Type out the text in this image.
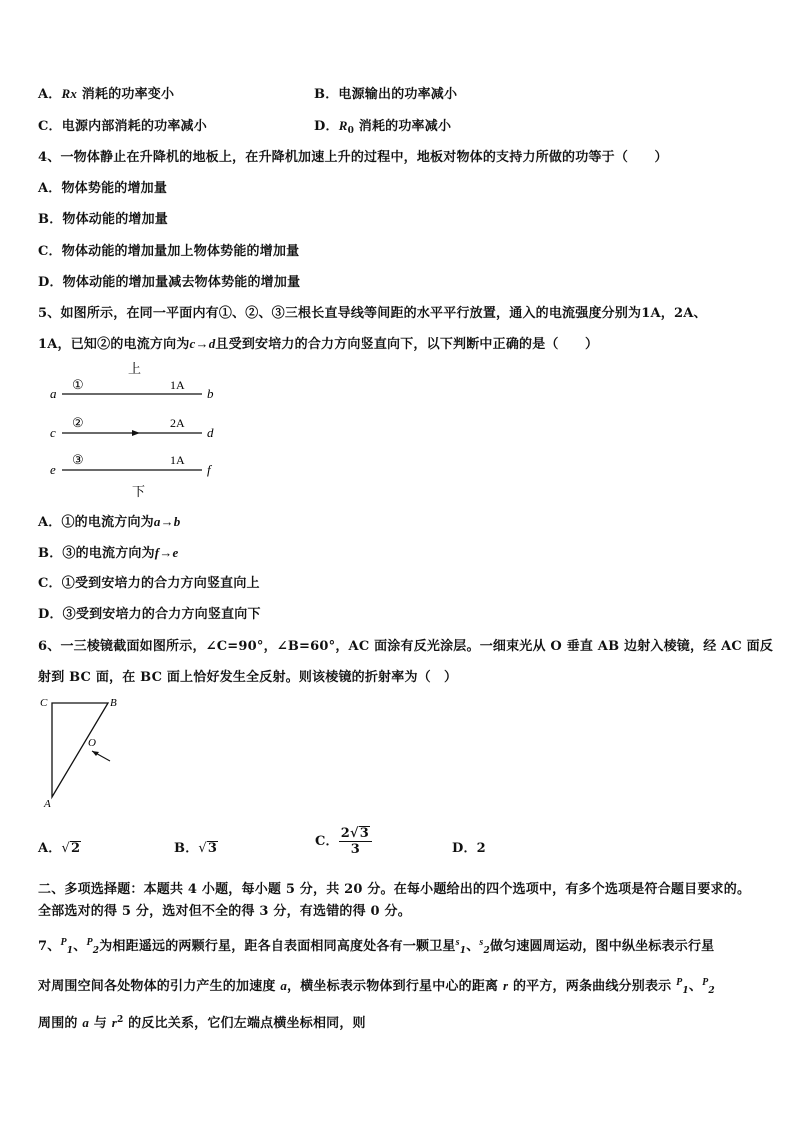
A．Rx 消耗的功率变小	B．电源输出的功率减小
C．电源内部消耗的功率减小	D．$R_0$ 消耗的功率减小
4、一物体静止在升降机的地板上，在升降机加速上升的过程中，地板对物体的支持力所做的功等于（　　）
A．物体势能的增加量
B．物体动能的增加量
C．物体动能的增加量加上物体势能的增加量
D．物体动能的增加量减去物体势能的增加量
5、如图所示，在同一平面内有①、②、③三根长直导线等间距的水平平行放置，通入的电流强度分别为1A，2A、
1A，已知②的电流方向为c→d且受到安培力的合力方向竖直向下，以下判断中正确的是（　　）
上
a
①	1A
b
c
②	2A
d
e
③	1A
f
下
A．①的电流方向为a→b
B．③的电流方向为f→e
C．①受到安培力的合力方向竖直向上
D．③受到安培力的合力方向竖直向下
6、一三棱镜截面如图所示，∠C=90°，∠B=60°，AC 面涂有反光涂层。一细束光从 O 垂直 AB 边射入棱镜，经 AC 面反
射到 BC 面，在 BC 面上恰好发生全反射。则该棱镜的折射率为（　）
C	B
O
A
A．√2	B．√3	C． $\frac{2√3}{3}$	D．2
二、多项选择题：本题共 4 小题，每小题 5 分，共 20 分。在每小题给出的四个选项中，有多个选项是符合题目要求的。
全部选对的得 5 分，选对但不全的得 3 分，有选错的得 0 分。
7、$^P_1$、$^P_2$为相距遥远的两颗行星，距各自表面相同高度处各有一颗卫星$^s_1$、$^s_2$做匀速圆周运动，图中纵坐标表示行星
对周围空间各处物体的引力产生的加速度 a，横坐标表示物体到行星中心的距离 r 的平方，两条曲线分别表示 $^P_1$、$^P_2$
周围的 a 与 $r^2$ 的反比关系，它们左端点横坐标相同，则
